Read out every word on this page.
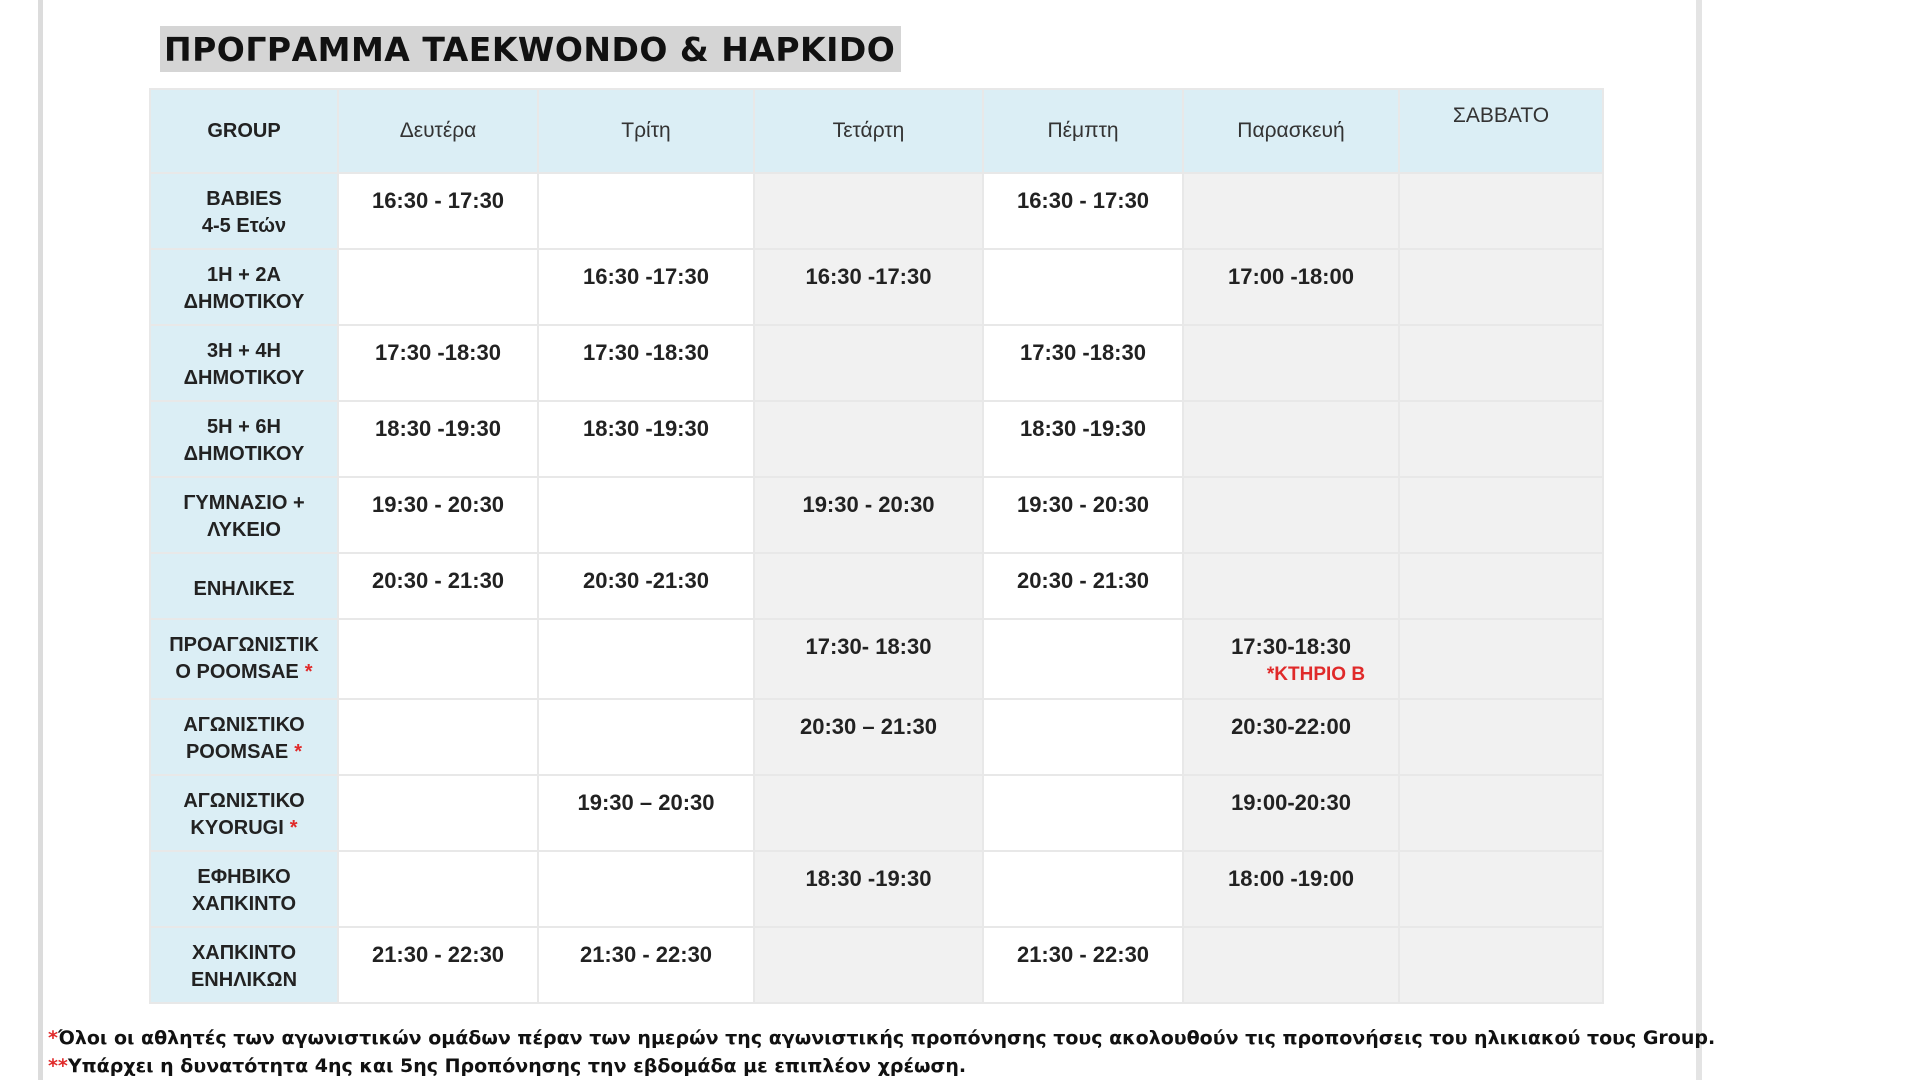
ΠΡΟΓΡΑΜΜΑ TAEKWONDO & HAPKIDO
GROUP	Δευτέρα	Τρίτη	Τετάρτη	Πέμπτη	Παρασκευή	ΣΑΒΒΑΤΟ
BABIES
4-5 Ετών	16:30 - 17:30			16:30 - 17:30		
1Η + 2Α
ΔΗΜΟΤΙΚΟΥ		16:30 -17:30	16:30 -17:30		17:00 -18:00	
3Η + 4Η
ΔΗΜΟΤΙΚΟΥ	17:30 -18:30	17:30 -18:30		17:30 -18:30		
5Η + 6Η
ΔΗΜΟΤΙΚΟΥ	18:30 -19:30	18:30 -19:30		18:30 -19:30		
ΓΥΜΝΑΣΙΟ +
ΛΥΚΕΙΟ	19:30 - 20:30		19:30 - 20:30	19:30 - 20:30		
ΕΝΗΛΙΚΕΣ	20:30 - 21:30	20:30 -21:30		20:30 - 21:30		
ΠΡΟΑΓΩΝΙΣΤΙΚ
Ο POOMSAE *			17:30- 18:30		17:30-18:30
*ΚΤΗΡΙΟ Β	

ΑΓΩΝΙΣΤΙΚΟ
POOMSAE *			20:30 – 21:30		20:30-22:00	
ΑΓΩΝΙΣΤΙΚΟ
KYORUGI *		19:30 – 20:30			19:00-20:30	
ΕΦΗΒΙΚΟ
ΧΑΠΚΙΝΤΟ			18:30 -19:30		18:00 -19:00	
ΧΑΠΚΙΝΤΟ
ΕΝΗΛΙΚΩΝ	21:30 - 22:30	21:30 - 22:30		21:30 - 22:30		
*Όλοι οι αθλητές των αγωνιστικών ομάδων πέραν των ημερών της αγωνιστικής προπόνησης τους ακολουθούν τις προπονήσεις του ηλικιακού τους Group.
**Υπάρχει η δυνατότητα 4ης και 5ης Προπόνησης την εβδομάδα με επιπλέον χρέωση.
